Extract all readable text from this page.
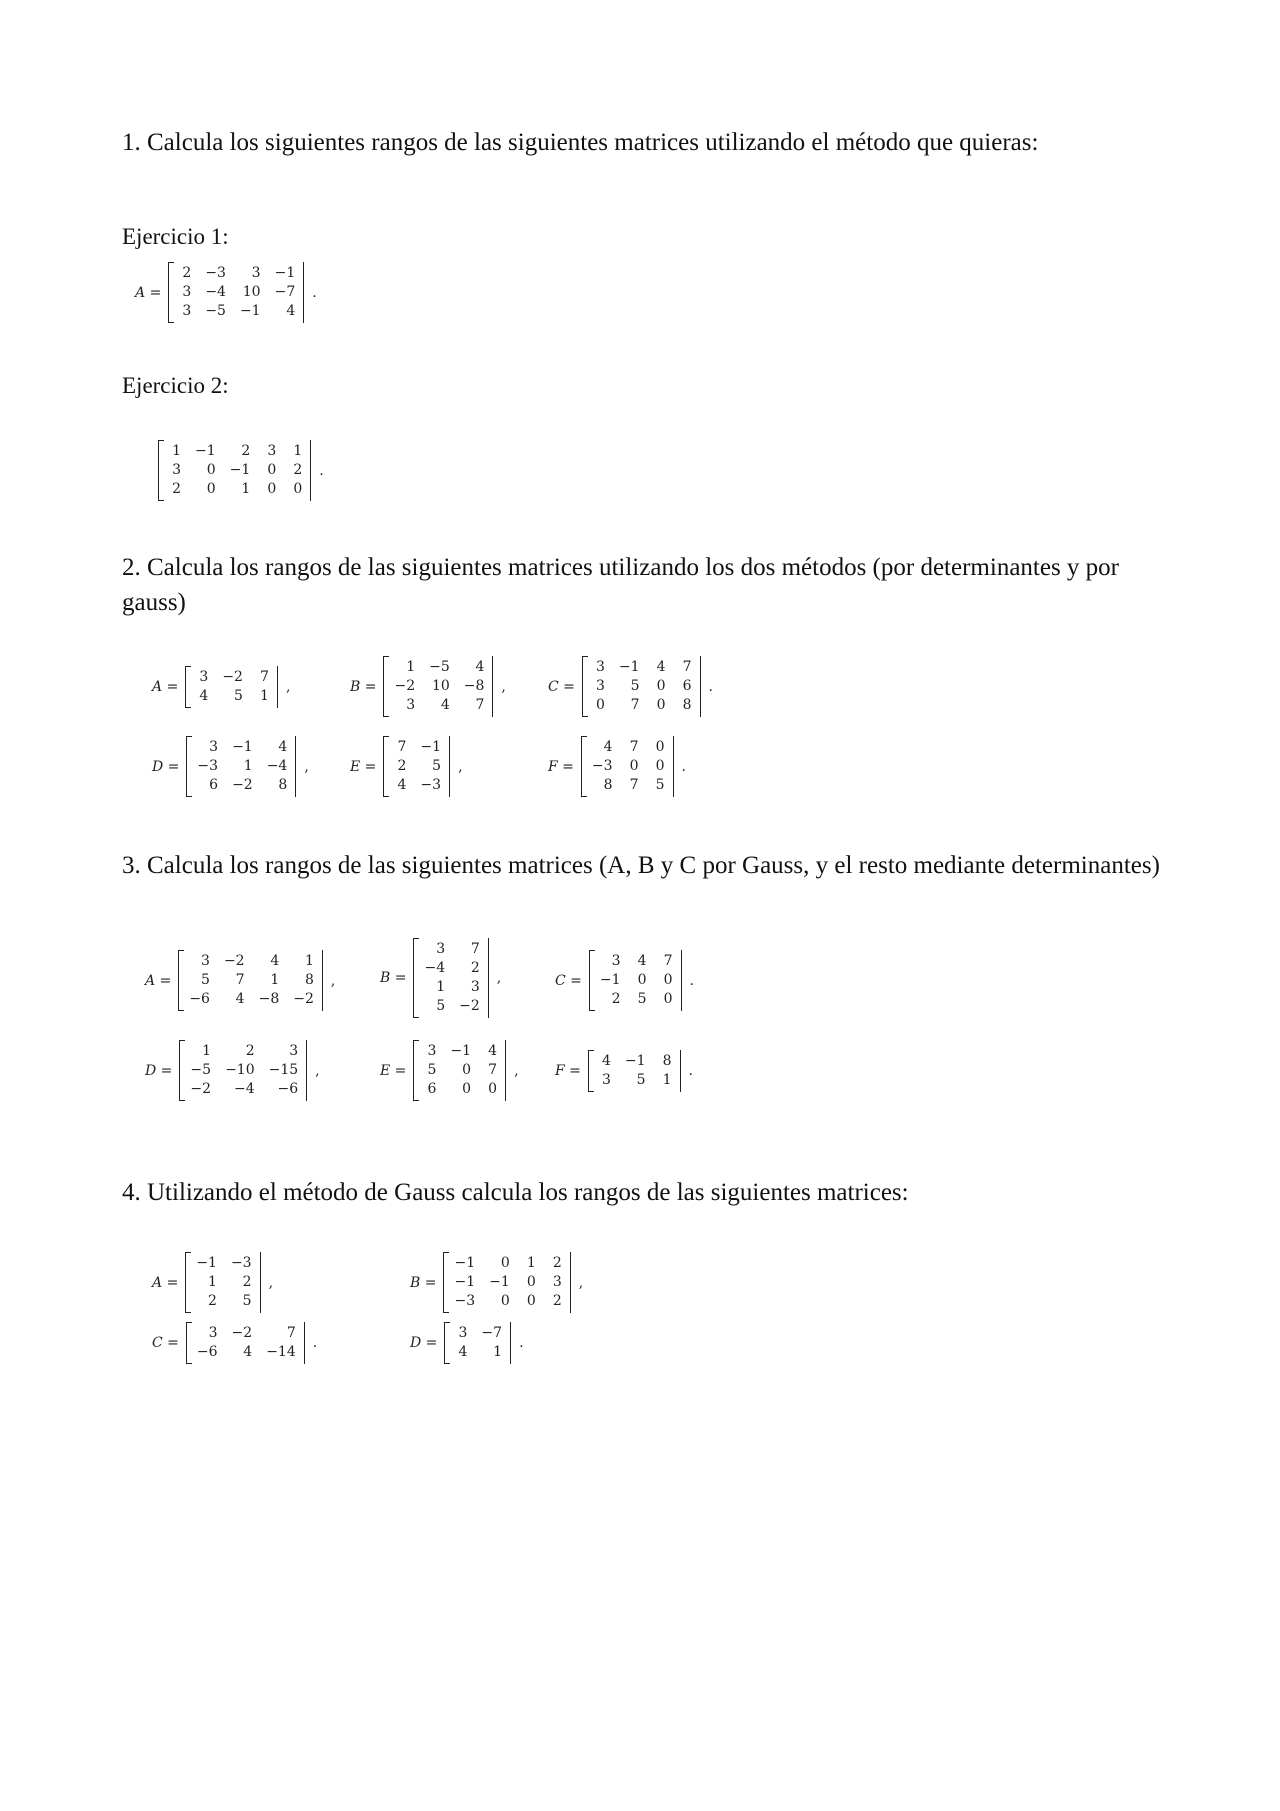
1. Calcula los siguientes rangos de las siguientes matrices utilizando el método que quieras:
Ejercicio 1:
A =
2 −3	3 −1
3 −4 10 −7
3 −5 −1	4
.
Ejercicio 2:
1 −1	2 3 1
3	0 −1 0 2
2	0	1 0 0
.
2. Calcula los rangos de las siguientes matrices utilizando los dos métodos (por determinantes y por gauss)
A =
3 −2 7
4	5 1
,	B =
1 −5	4
−2 10 −8
3	4	7
,	C =
3 −1 4 7
3	5 0 6
0	7 0 8
.
D =
3 −1	4
−3	1 −4
6 −2	8
,	E =
7 −1
2	5
4 −3
,	F =
4 7 0
−3 0 0
8 7 5
.
3. Calcula los rangos de las siguientes matrices (A, B y C por Gauss, y el resto mediante determinantes)
A =
3 −2	4	1
5	7	1	8
−6	4 −8 −2
,	B =
3	7
−4	2
1	3
5 −2
,	C =
3 4 7
−1 0 0
2 5 0
.
D =
1	2	3
−5 −10 −15
−2	−4	−6
,	E =
3 −1 4
5	0 7
6	0 0
,	F =
4 −1 8
3	5 1
.
4. Utilizando el método de Gauss calcula los rangos de las siguientes matrices:
A =
−1 −3
1	2
2	5
,	B =
−1	0 1 2
−1 −1 0 3
−3	0 0 2
,
C =
3 −2	7
−6	4 −14
.	D =
3 −7
4	1
.
